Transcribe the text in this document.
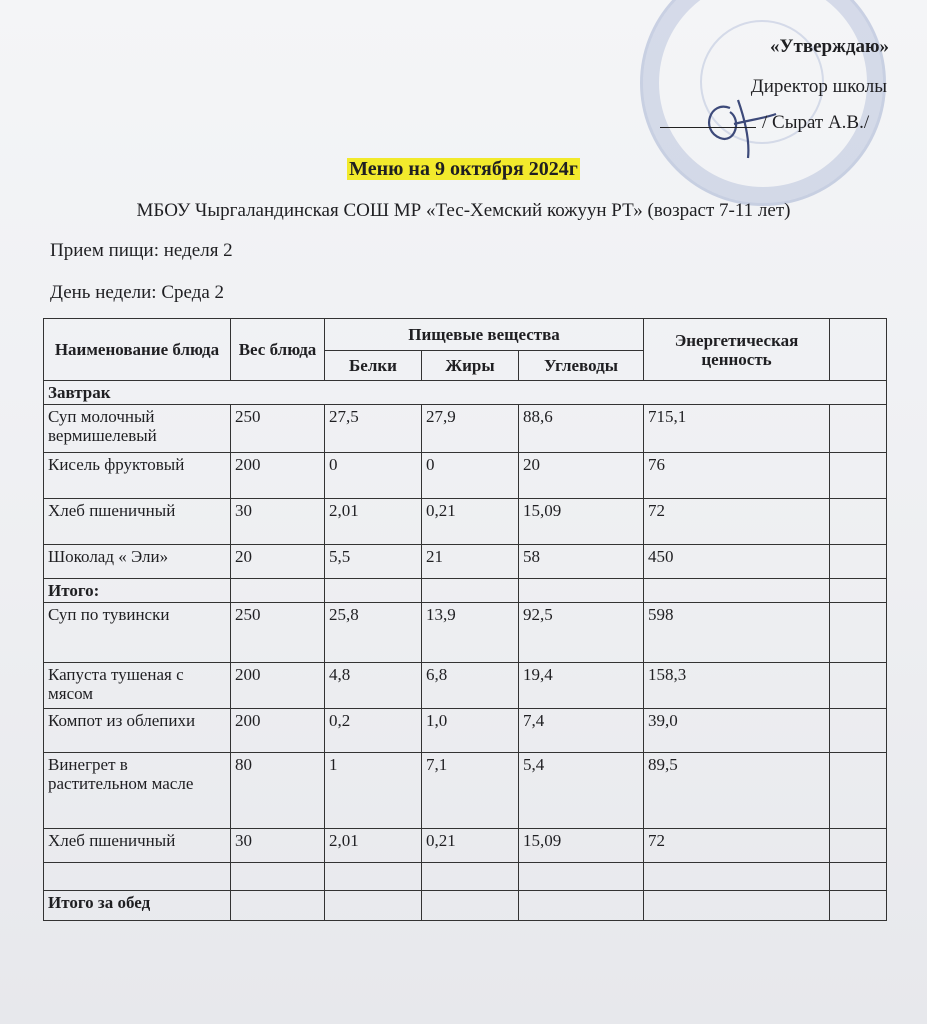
«Утверждаю»
Директор школы
/ Сырат А.В./
Меню на 9 октября 2024г
МБОУ Чыргаландинская СОШ МР «Тес-Хемский кожуун РТ» (возраст 7-11 лет)
Прием пищи: неделя 2
День недели: Среда 2
Наименование блюда	Вес блюда	Пищевые вещества			Энергетическая ценность	
		Белки	Жиры	Углеводы		
Завтрак						
Суп молочный вермишелевый	250	27,5	27,9	88,6	715,1	
Кисель фруктовый	200	0	0	20	76	
Хлеб пшеничный	30	2,01	0,21	15,09	72	
Шоколад « Эли»	20	5,5	21	58	450	
Итого:						
Суп по тувински	250	25,8	13,9	92,5	598	
Капуста тушеная с мясом	200	4,8	6,8	19,4	158,3	
Компот из облепихи	200	0,2	1,0	7,4	39,0	
Винегрет в растительном масле	80	1	7,1	5,4	89,5	
Хлеб пшеничный	30	2,01	0,21	15,09	72	

Итого за обед						
